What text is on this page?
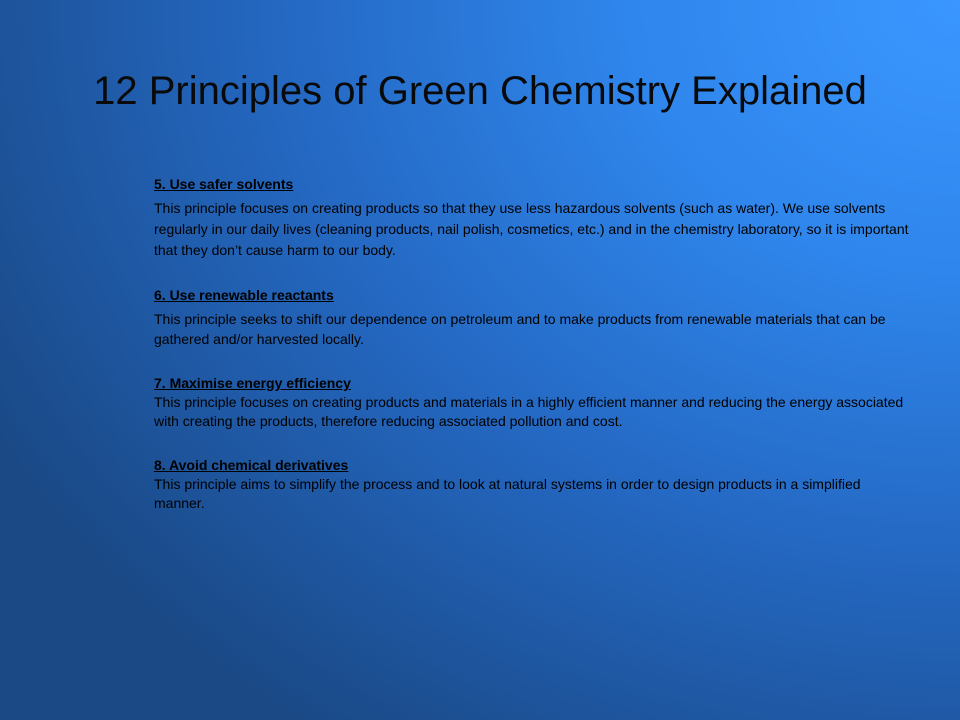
12 Principles of Green Chemistry Explained

5. Use safer solvents

This principle focuses on creating products so that they use less hazardous solvents (such as water). We use solvents regularly in our daily lives (cleaning products, nail polish, cosmetics, etc.) and in the chemistry laboratory, so it is important that they don’t cause harm to our body.

6. Use renewable reactants

This principle seeks to shift our dependence on petroleum and to make products from renewable materials that can be gathered and/or harvested locally.

7. Maximise energy efficiency

This principle focuses on creating products and materials in a highly efficient manner and reducing the energy associated with creating the products, therefore reducing associated pollution and cost.

8. Avoid chemical derivatives

This principle aims to simplify the process and to look at natural systems in order to design products in a simplified manner.
